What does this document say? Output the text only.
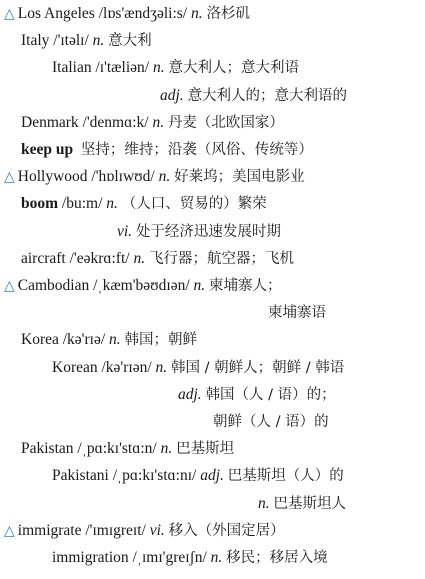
△ Los Angeles /lɒs'ændʒəli:s/ n. 洛杉矶
Italy /'ɪtəlɪ/ n. 意大利
Italian /ɪ'tæliən/ n. 意大利人；意大利语
adj. 意大利人的；意大利语的
Denmark /'denmɑ:k/ n. 丹麦（北欧国家）
keep up 坚持；维持；沿袭（风俗、传统等）
△ Hollywood /'hɒlɪwʊd/ n. 好莱坞；美国电影业
boom /bu:m/ n. （人口、贸易的）繁荣
vi. 处于经济迅速发展时期
aircraft /'eəkrɑ:ft/ n. 飞行器；航空器；飞机
△ Cambodian /ˌkæm'bəʊdɪən/ n. 柬埔寨人；
柬埔寨语
Korea /kə'rɪə/ n. 韩国；朝鲜
Korean /kə'rɪən/ n. 韩国 / 朝鲜人；朝鲜 / 韩语
adj. 韩国（人 / 语）的；
朝鲜（人 / 语）的
Pakistan /ˌpɑ:kɪ'stɑ:n/ n. 巴基斯坦
Pakistani /ˌpɑ:kɪ'stɑ:nɪ/ adj. 巴基斯坦（人）的
n. 巴基斯坦人
△ immigrate /'ɪmɪgreɪt/ vi. 移入（外国定居）
immigration /ˌɪmɪ'greɪʃn/ n. 移民；移居入境
